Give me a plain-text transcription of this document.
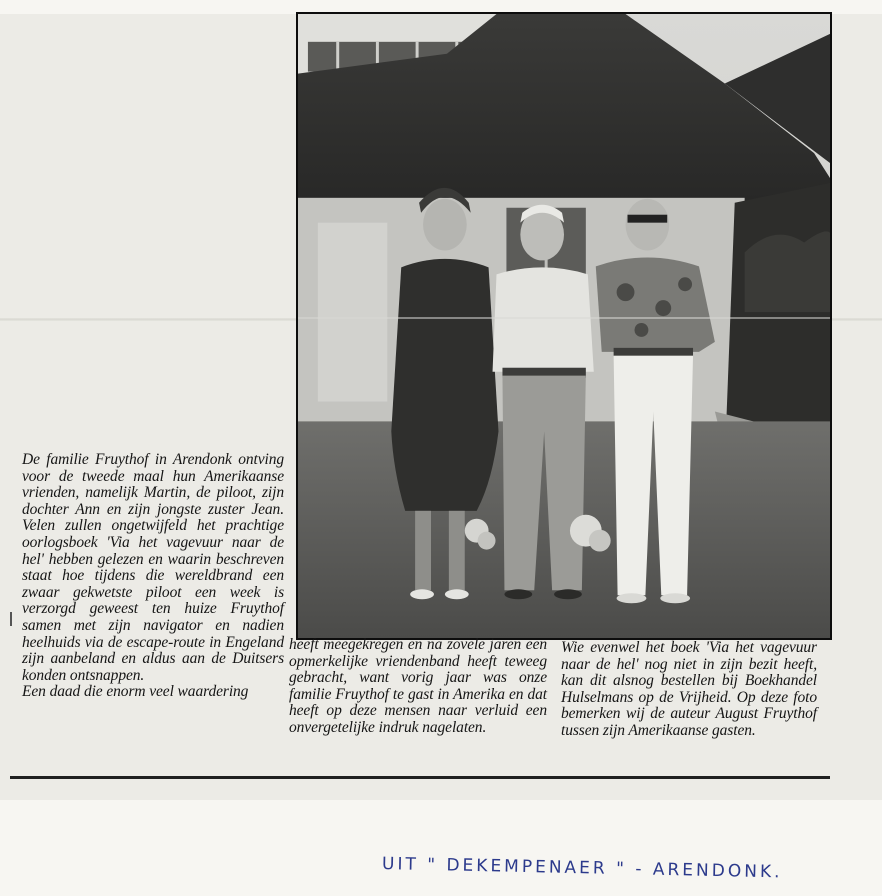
De familie Fruythof in Arendonk ontving voor de tweede maal hun Amerikaanse vrienden, namelijk Martin, de piloot, zijn dochter Ann en zijn jongste zuster Jean. Velen zullen ongetwijfeld het prachtige oorlogsboek 'Via het vagevuur naar de hel' hebben gelezen en waarin beschreven staat hoe tijdens die wereldbrand een zwaar gekwetste piloot een week is verzorgd geweest ten huize Fruythof samen met zijn navigator en nadien heelhuids via de escape-route in Engeland zijn aanbeland en aldus aan de Duitsers konden ontsnappen.
Een daad die enorm veel waardering
heeft meegekregen en na zovele jaren een opmerkelijke vriendenband heeft teweeg gebracht, want vorig jaar was onze familie Fruythof te gast in Amerika en dat heeft op deze mensen naar verluid een onvergetelijke indruk nagelaten.
Wie evenwel het boek 'Via het vagevuur naar de hel' nog niet in zijn bezit heeft, kan dit alsnog bestellen bij Boekhandel Hulselmans op de Vrijheid. Op deze foto bemerken wij de auteur August Fruythof tussen zijn Amerikaanse gasten.
UIT " DEKEMPENAER " - ARENDONK.
